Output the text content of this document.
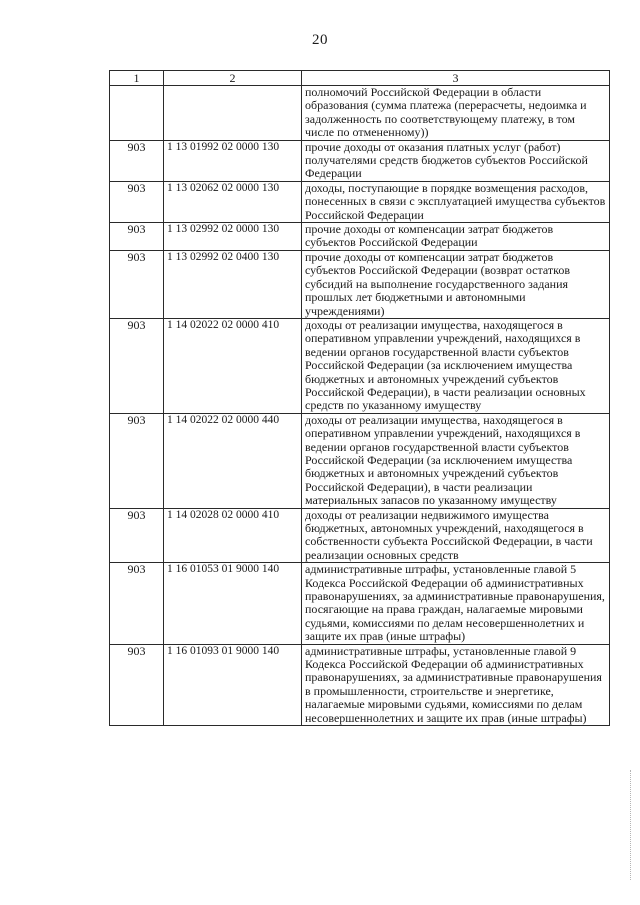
20
1	2	3
		полномочий Российской Федерации в области образования (сумма платежа (перерасчеты, недоимка и задолженность по соответствующему платежу, в том числе по отмененному))
903	1 13 01992 02 0000 130	прочие доходы от оказания платных услуг (работ) получателями средств бюджетов субъектов Российской Федерации
903	1 13 02062 02 0000 130	доходы, поступающие в порядке возмещения расходов, понесенных в связи с эксплуатацией имущества субъектов Российской Федерации
903	1 13 02992 02 0000 130	прочие доходы от компенсации затрат бюджетов субъектов Российской Федерации
903	1 13 02992 02 0400 130	прочие доходы от компенсации затрат бюджетов субъектов Российской Федерации (возврат остатков субсидий на выполнение государственного задания прошлых лет бюджетными и автономными учреждениями)
903	1 14 02022 02 0000 410	доходы от реализации имущества, находящегося в оперативном управлении учреждений, находящихся в ведении органов государственной власти субъектов Российской Федерации (за исключением имущества бюджетных и автономных учреждений субъектов Российской Федерации), в части реализации основных средств по указанному имуществу
903	1 14 02022 02 0000 440	доходы от реализации имущества, находящегося в оперативном управлении учреждений, находящихся в ведении органов государственной власти субъектов Российской Федерации (за исключением имущества бюджетных и автономных учреждений субъектов Российской Федерации), в части реализации материальных запасов по указанному имуществу
903	1 14 02028 02 0000 410	доходы от реализации недвижимого имущества бюджетных, автономных учреждений, находящегося в собственности субъекта Российской Федерации, в части реализации основных средств
903	1 16 01053 01 9000 140	административные штрафы, установленные главой 5 Кодекса Российской Федерации об административных правонарушениях, за административные правонарушения, посягающие на права граждан, налагаемые мировыми судьями, комиссиями по делам несовершеннолетних и защите их прав (иные штрафы)
903	1 16 01093 01 9000 140	административные штрафы, установленные главой 9 Кодекса Российской Федерации об административных правонарушениях, за административные правонарушения в промышленности, строительстве и энергетике, налагаемые мировыми судьями, комиссиями по делам несовершеннолетних и защите их прав (иные штрафы)
